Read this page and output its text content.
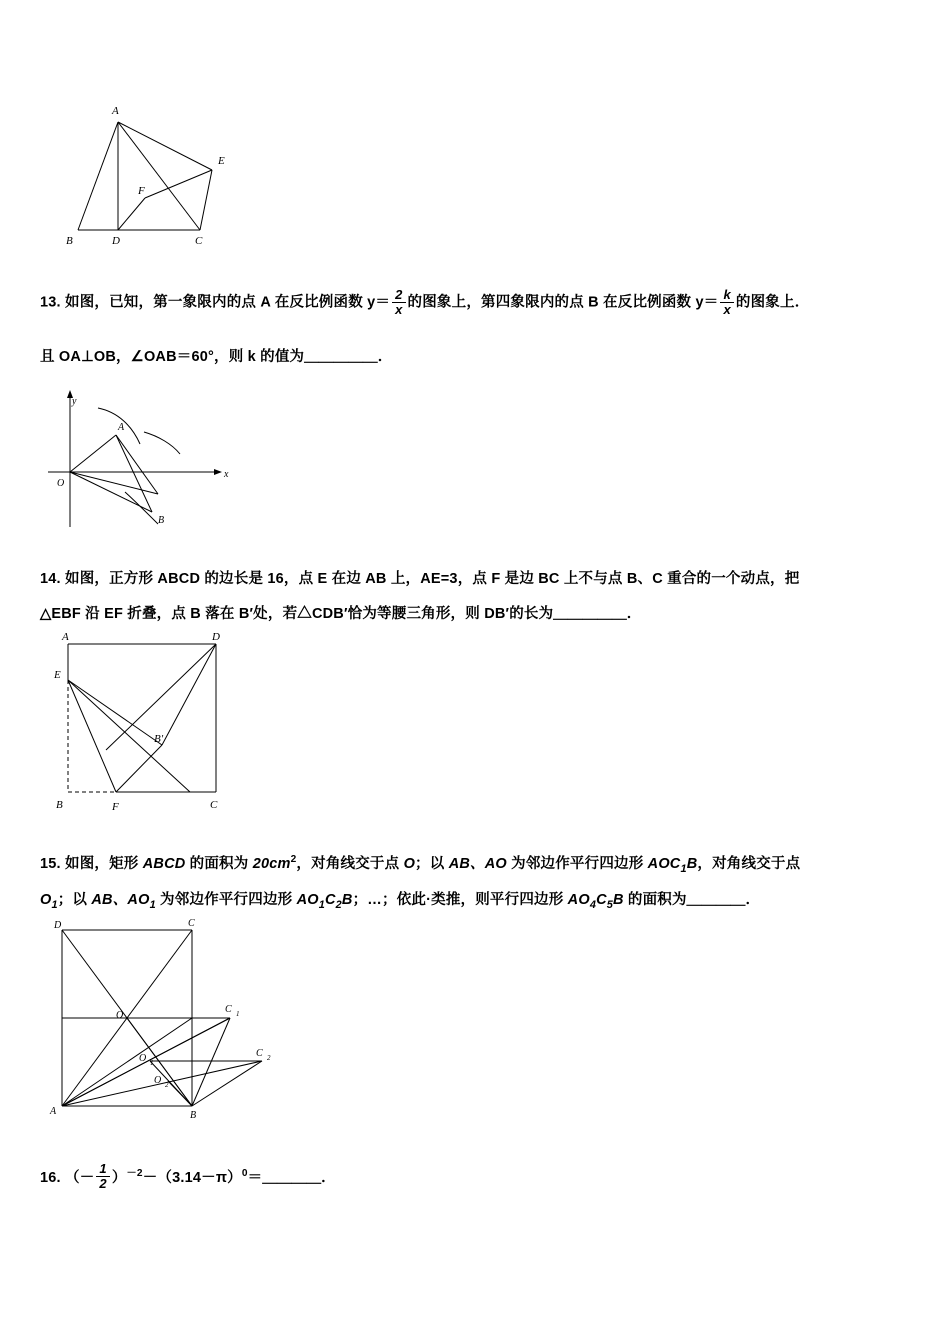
A
E
F
B	D	C
13. 如图，已知，第一象限内的点 A 在反比例函数 $y= \frac{2}{x}$ 的图象上，第四象限内的点 B 在反比例函数 $y= \frac{k}{x}$ 的图象上．
且 OA⊥OB，∠OAB＝60°，则 k 的值为＿＿＿＿＿．
y
A
x
O
B
14. 如图，正方形 ABCD 的边长是 16，点 E 在边 AB 上，AE=3，点 F 是边 BC 上不与点 B、C 重合的一个动点，把
△EBF 沿 EF 折叠，点 B 落在 B′处，若△CDB′恰为等腰三角形，则 DB′的长为＿＿＿＿＿．
A	D
E
B′
B	F	C
15. 如图，矩形 ABCD 的面积为 $20cm^2$，对角线交于点 O；以 AB、AO 为邻边作平行四边形 $AOC_1B$，对角线交于点
$O_1$；以 AB、$AO_1$ 为邻边作平行四边形 $AO_1C_2B$；…；依此·类推，则平行四边形 $AO_4C_5B$ 的面积为＿＿＿＿．
D	C
O
C 1
O 1
C 2
O 2
A	B
16. （－ $\frac{1}{2}$ ）$^{-2}-(3.14-\pi)^0=\_\_\_\_$．
